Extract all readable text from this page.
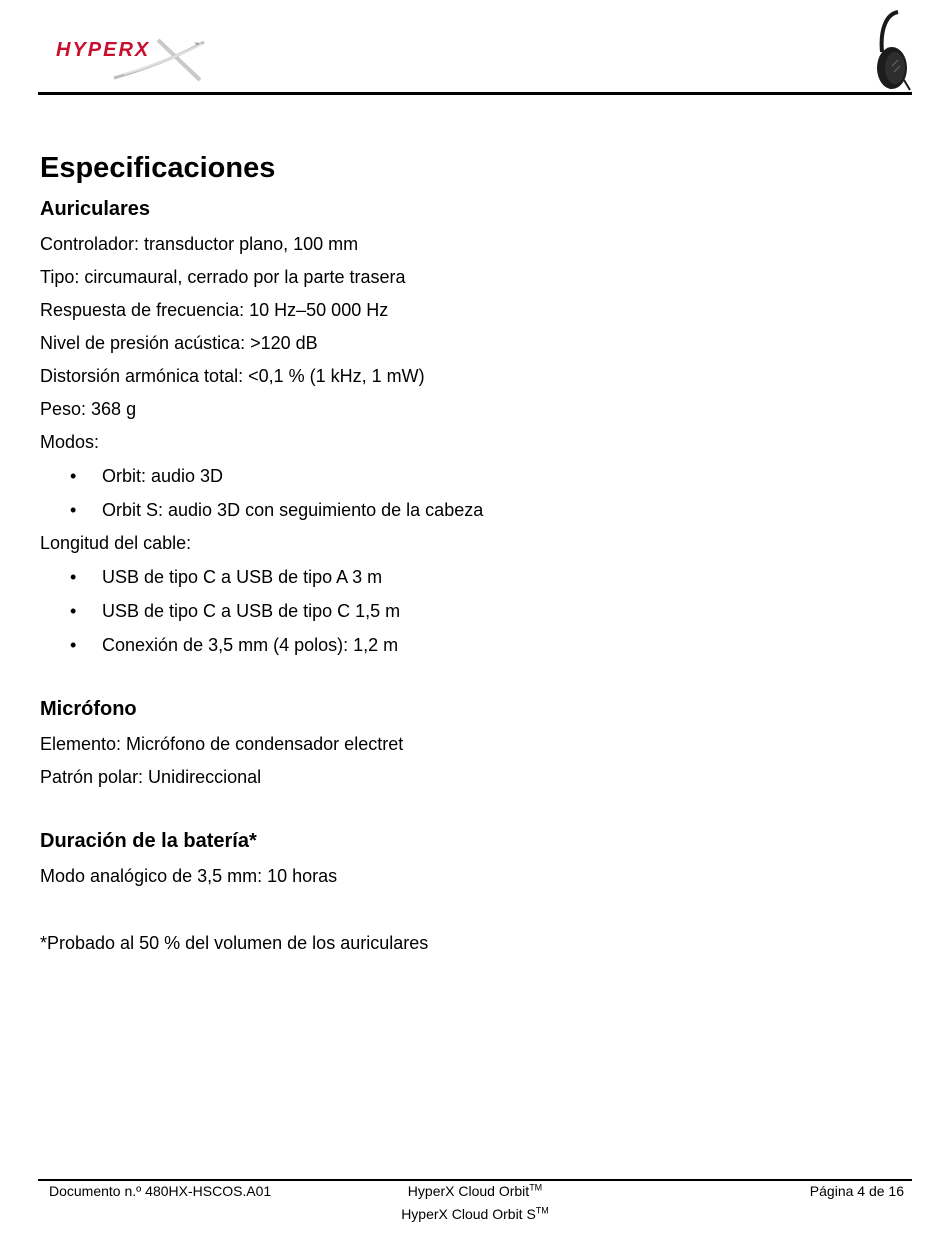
HYPERX	™
Especificaciones
Auriculares

Controlador: transductor plano, 100 mm

Tipo: circumaural, cerrado por la parte trasera

Respuesta de frecuencia: 10 Hz–50 000 Hz

Nivel de presión acústica: >120 dB

Distorsión armónica total: <0,1 % (1 kHz, 1 mW)

Peso: 368 g

Modos:

• Orbit: audio 3D
• Orbit S: audio 3D con seguimiento de la cabeza

Longitud del cable:

• USB de tipo C a USB de tipo A 3 m
• USB de tipo C a USB de tipo C 1,5 m
• Conexión de 3,5 mm (4 polos): 1,2 m
Micrófono

Elemento: Micrófono de condensador electret

Patrón polar: Unidireccional

Duración de la batería*

Modo analógico de 3,5 mm: 10 horas

*Probado al 50 % del volumen de los auriculares

Documento n.º 480HX-HSCOS.A01	HyperX Cloud Orbit™
HyperX Cloud Orbit S™
Página 4 de 16
